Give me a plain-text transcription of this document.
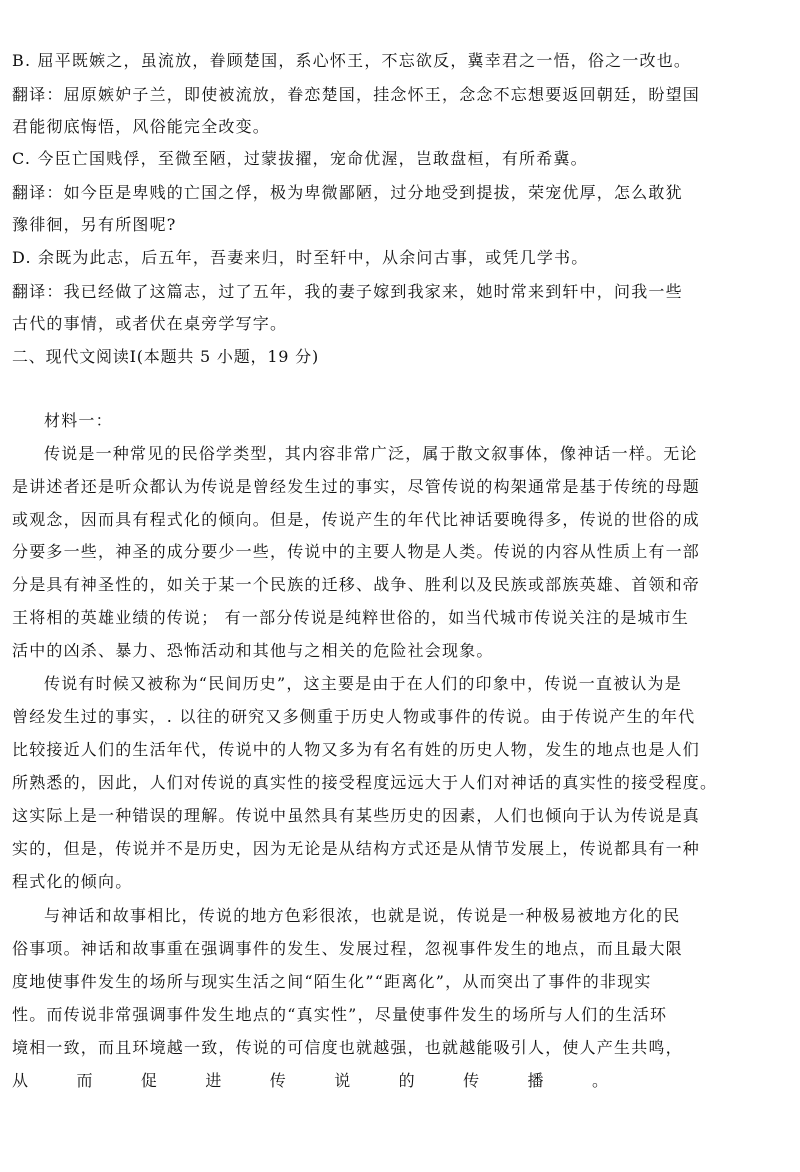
B. 屈平既嫉之，虽流放，眷顾楚国，系心怀王，不忘欲反，冀幸君之一悟，俗之一改也。
翻译：屈原嫉妒子兰，即使被流放，眷恋楚国，挂念怀王，念念不忘想要返回朝廷，盼望国
君能彻底悔悟，风俗能完全改变。
C. 今臣亡国贱俘，至微至陋，过蒙拔擢，宠命优渥，岂敢盘桓，有所希冀。
翻译：如今臣是卑贱的亡国之俘，极为卑微鄙陋，过分地受到提拔，荣宠优厚，怎么敢犹
豫徘徊，另有所图呢?
D. 余既为此志，后五年，吾妻来归，时至轩中，从余问古事，或凭几学书。
翻译：我已经做了这篇志，过了五年，我的妻子嫁到我家来，她时常来到轩中，问我一些
古代的事情，或者伏在桌旁学写字。
二、现代文阅读Ⅰ(本题共 5 小题，19 分)
材料一：
传说是一种常见的民俗学类型，其内容非常广泛，属于散文叙事体，像神话一样。无论
是讲述者还是听众都认为传说是曾经发生过的事实，尽管传说的构架通常是基于传统的母题
或观念，因而具有程式化的倾向。但是，传说产生的年代比神话要晚得多，传说的世俗的成
分要多一些，神圣的成分要少一些，传说中的主要人物是人类。传说的内容从性质上有一部
分是具有神圣性的，如关于某一个民族的迁移、战争、胜利以及民族或部族英雄、首领和帝
王将相的英雄业绩的传说； 有一部分传说是纯粹世俗的，如当代城市传说关注的是城市生
活中的凶杀、暴力、恐怖活动和其他与之相关的危险社会现象。
传说有时候又被称为“民间历史”，这主要是由于在人们的印象中，传说一直被认为是
曾经发生过的事实，. 以往的研究又多侧重于历史人物或事件的传说。由于传说产生的年代
比较接近人们的生活年代，传说中的人物又多为有名有姓的历史人物，发生的地点也是人们
所熟悉的，因此，人们对传说的真实性的接受程度远远大于人们对神话的真实性的接受程度。
这实际上是一种错误的理解。传说中虽然具有某些历史的因素，人们也倾向于认为传说是真
实的，但是，传说并不是历史，因为无论是从结构方式还是从情节发展上，传说都具有一种
程式化的倾向。
与神话和故事相比，传说的地方色彩很浓，也就是说，传说是一种极易被地方化的民
俗事项。神话和故事重在强调事件的发生、发展过程，忽视事件发生的地点，而且最大限
度地使事件发生的场所与现实生活之间“陌生化”“距离化”，从而突出了事件的非现实
性。而传说非常强调事件发生地点的“真实性”，尽量使事件发生的场所与人们的生活环
境相一致，而且环境越一致，传说的可信度也就越强，也就越能吸引人，使人产生共鸣，
从	而	促	进	传	说	的	传	播	。
